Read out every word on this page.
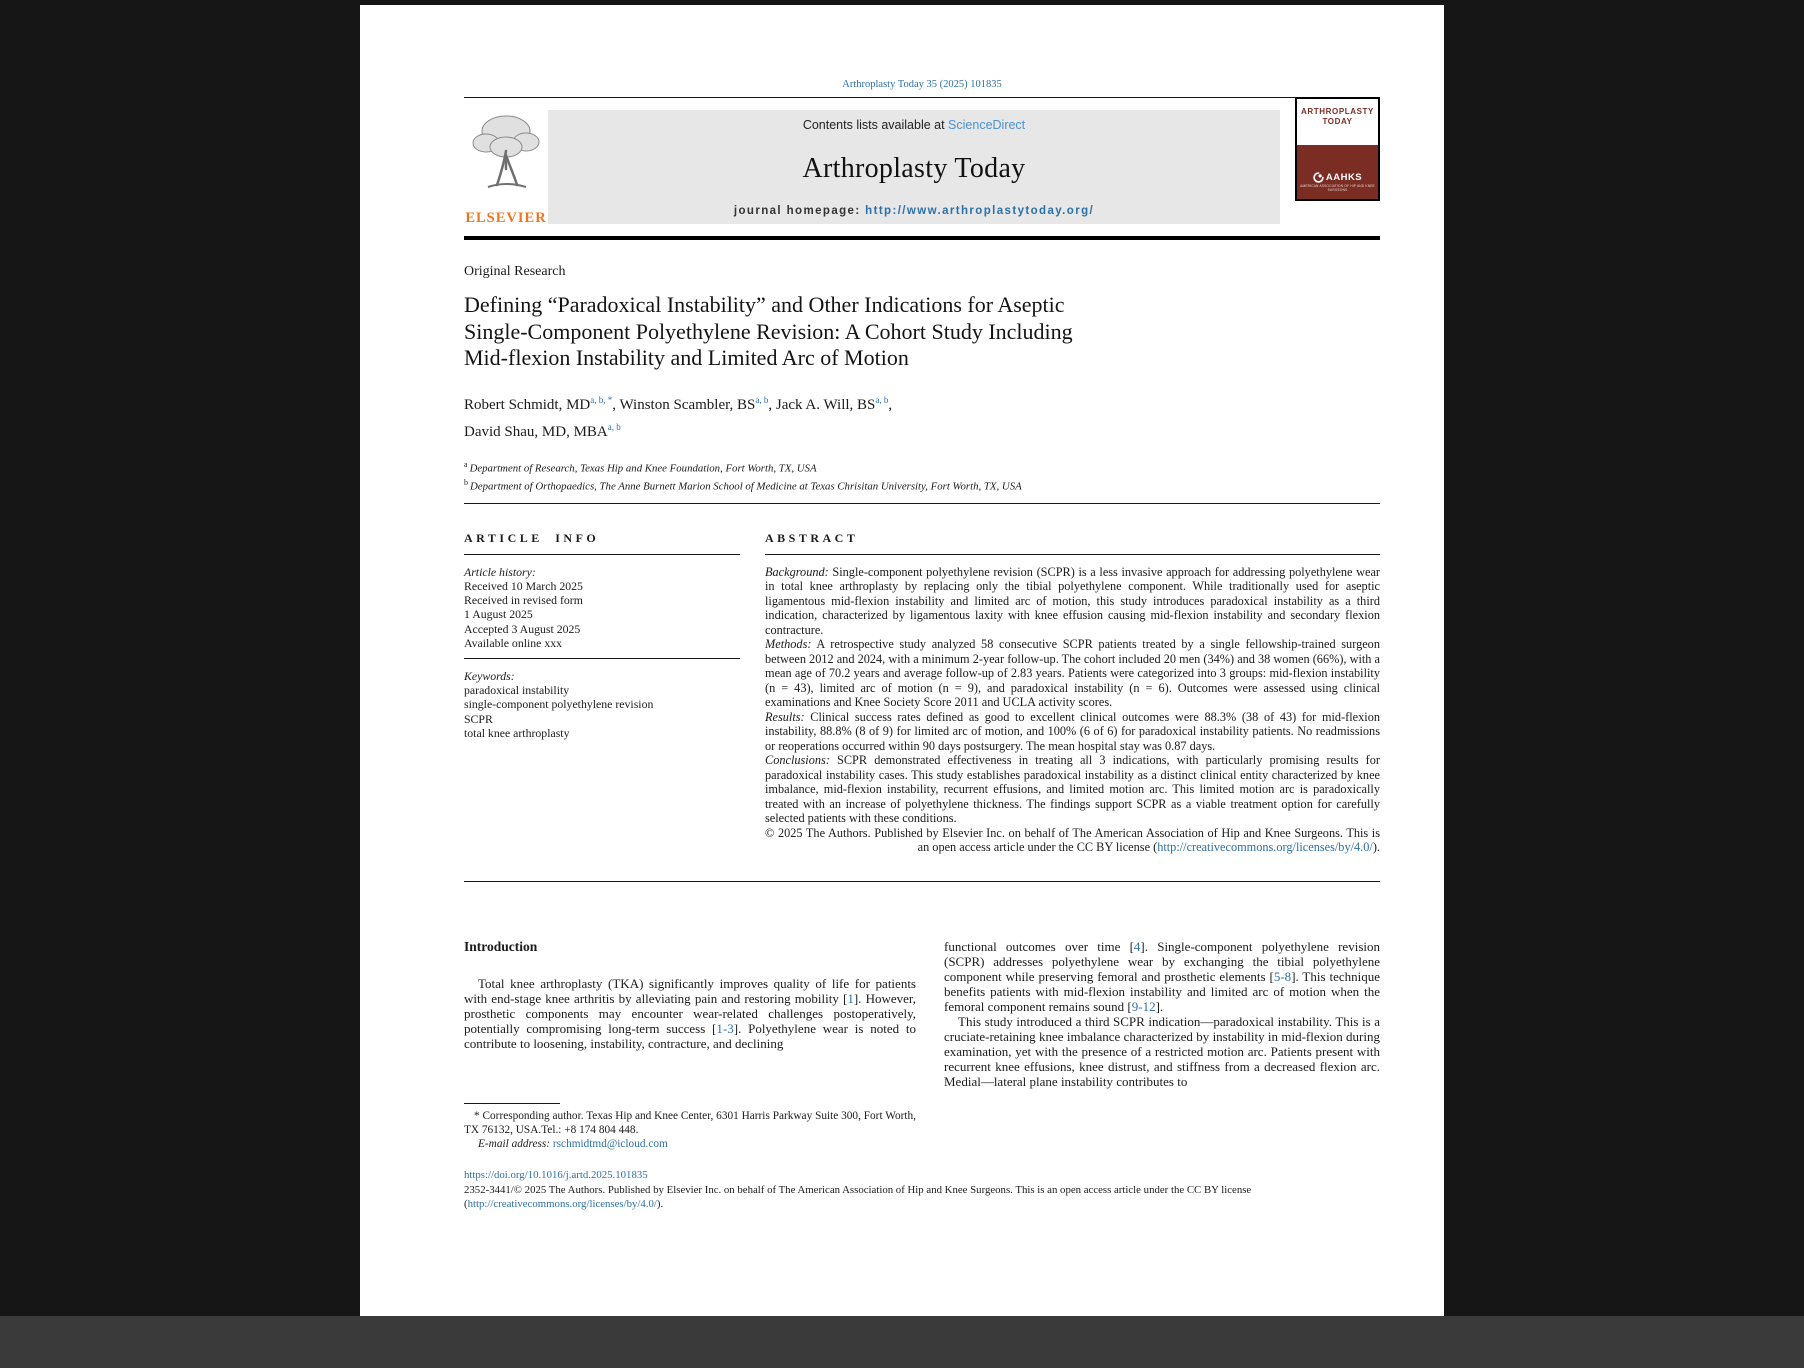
Arthroplasty Today 35 (2025) 101835
ELSEVIER
Contents lists available at ScienceDirect
Arthroplasty Today
journal homepage: http://www.arthroplastytoday.org/
ARTHROPLASTY
TODAY
AAHKS
AMERICAN ASSOCIATION OF HIP AND KNEE SURGEONS
Original Research
Defining “Paradoxical Instability” and Other Indications for Aseptic
Single-Component Polyethylene Revision: A Cohort Study Including
Mid-flexion Instability and Limited Arc of Motion
Robert Schmidt, $MD^{a, b, *}$, Winston Scambler, BS$^{a, b}$, Jack A. Will, BS$^{a, b}$,
David Shau, MD, MBA$^{a, b}$
$^a$ Department of Research, Texas Hip and Knee Foundation, Fort Worth, TX, USA
$^b$ Department of Orthopaedics, The Anne Burnett Marion School of Medicine at Texas Chrisitan University, Fort Worth, TX, USA
ARTICLE INFO
Article history:
Received 10 March 2025
Received in revised form
1 August 2025
Accepted 3 August 2025
Available online xxx
Keywords:
paradoxical instability
single-component polyethylene revision
SCPR
total knee arthroplasty
ABSTRACT

Background: Single-component polyethylene revision (SCPR) is a less invasive approach for addressing polyethylene wear in total knee arthroplasty by replacing only the tibial polyethylene component. While traditionally used for aseptic ligamentous mid-flexion instability and limited arc of motion, this study introduces paradoxical instability as a third indication, characterized by ligamentous laxity with knee effusion causing mid-flexion instability and secondary flexion contracture.

Methods: A retrospective study analyzed 58 consecutive SCPR patients treated by a single fellowship-trained surgeon between 2012 and 2024, with a minimum 2-year follow-up. The cohort included 20 men (34%) and 38 women (66%), with a mean age of 70.2 years and average follow-up of 2.83 years. Patients were categorized into 3 groups: mid-flexion instability (n = 43), limited arc of motion (n = 9), and paradoxical instability (n = 6). Outcomes were assessed using clinical examinations and Knee Society Score 2011 and UCLA activity scores.

Results: Clinical success rates defined as good to excellent clinical outcomes were 88.3% (38 of 43) for mid-flexion instability, 88.8% (8 of 9) for limited arc of motion, and 100% (6 of 6) for paradoxical instability patients. No readmissions or reoperations occurred within 90 days postsurgery. The mean hospital stay was 0.87 days.

Conclusions: SCPR demonstrated effectiveness in treating all 3 indications, with particularly promising results for paradoxical instability cases. This study establishes paradoxical instability as a distinct clinical entity characterized by knee imbalance, mid-flexion instability, recurrent effusions, and limited motion arc. This limited motion arc is paradoxically treated with an increase of polyethylene thickness. The findings support SCPR as a viable treatment option for carefully selected patients with these conditions.

© 2025 The Authors. Published by Elsevier Inc. on behalf of The American Association of Hip and Knee Surgeons. This is an open access article under the CC BY license (http://creativecommons.org/licenses/by/4.0/).

Introduction

Total knee arthroplasty (TKA) significantly improves quality of life for patients with end-stage knee arthritis by alleviating pain and restoring mobility [1]. However, prosthetic components may encounter wear-related challenges postoperatively, potentially compromising long-term success [1-3]. Polyethylene wear is noted to contribute to loosening, instability, contracture, and declining

* Corresponding author. Texas Hip and Knee Center, 6301 Harris Parkway Suite 300, Fort Worth, TX 76132, USA.Tel.: +8 174 804 448.

E-mail address: rschmidtmd@icloud.com

functional outcomes over time [4]. Single-component polyethylene revision (SCPR) addresses polyethylene wear by exchanging the tibial polyethylene component while preserving femoral and prosthetic elements [5-8]. This technique benefits patients with mid-flexion instability and limited arc of motion when the femoral component remains sound [9-12].

This study introduced a third SCPR indication—paradoxical instability. This is a cruciate-retaining knee imbalance characterized by instability in mid-flexion during examination, yet with the presence of a restricted motion arc. Patients present with recurrent knee effusions, knee distrust, and stiffness from a decreased flexion arc. Medial—lateral plane instability contributes to

https://doi.org/10.1016/j.artd.2025.101835

2352-3441/© 2025 The Authors. Published by Elsevier Inc. on behalf of The American Association of Hip and Knee Surgeons. This is an open access article under the CC BY license (http://creativecommons.org/licenses/by/4.0/).
